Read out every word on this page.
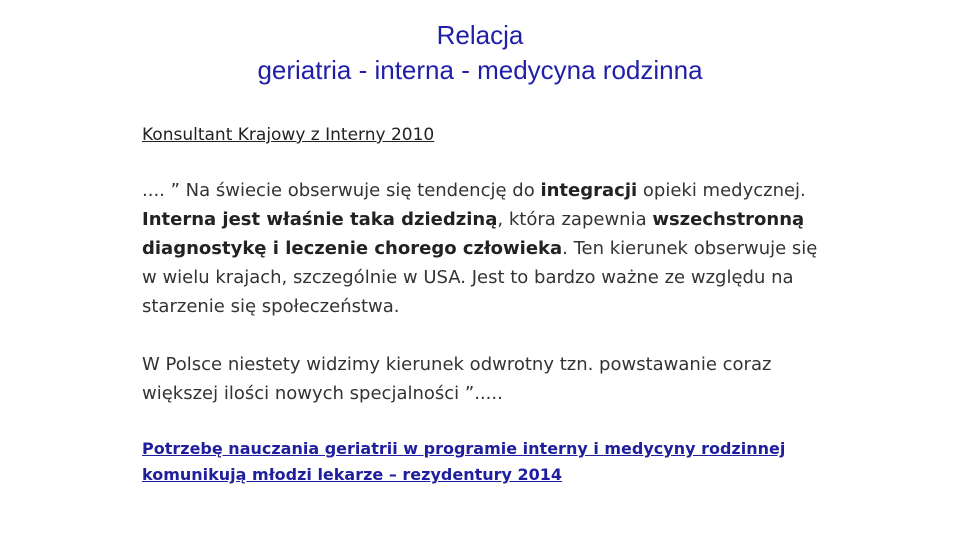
Relacja
geriatria - interna - medycyna rodzinna
Konsultant Krajowy z Interny 2010
.... ” Na świecie obserwuje się tendencję do integracji opieki medycznej. Interna jest właśnie taka dziedziną, która zapewnia wszechstronną diagnostykę i leczenie chorego człowieka. Ten kierunek obserwuje się w wielu krajach, szczególnie w USA. Jest to bardzo ważne ze względu na starzenie się społeczeństwa.
W Polsce niestety widzimy kierunek odwrotny tzn. powstawanie coraz większej ilości nowych specjalności ”.....
Potrzebę nauczania geriatrii w programie interny i medycyny rodzinnej komunikują młodzi lekarze – rezydentury 2014
